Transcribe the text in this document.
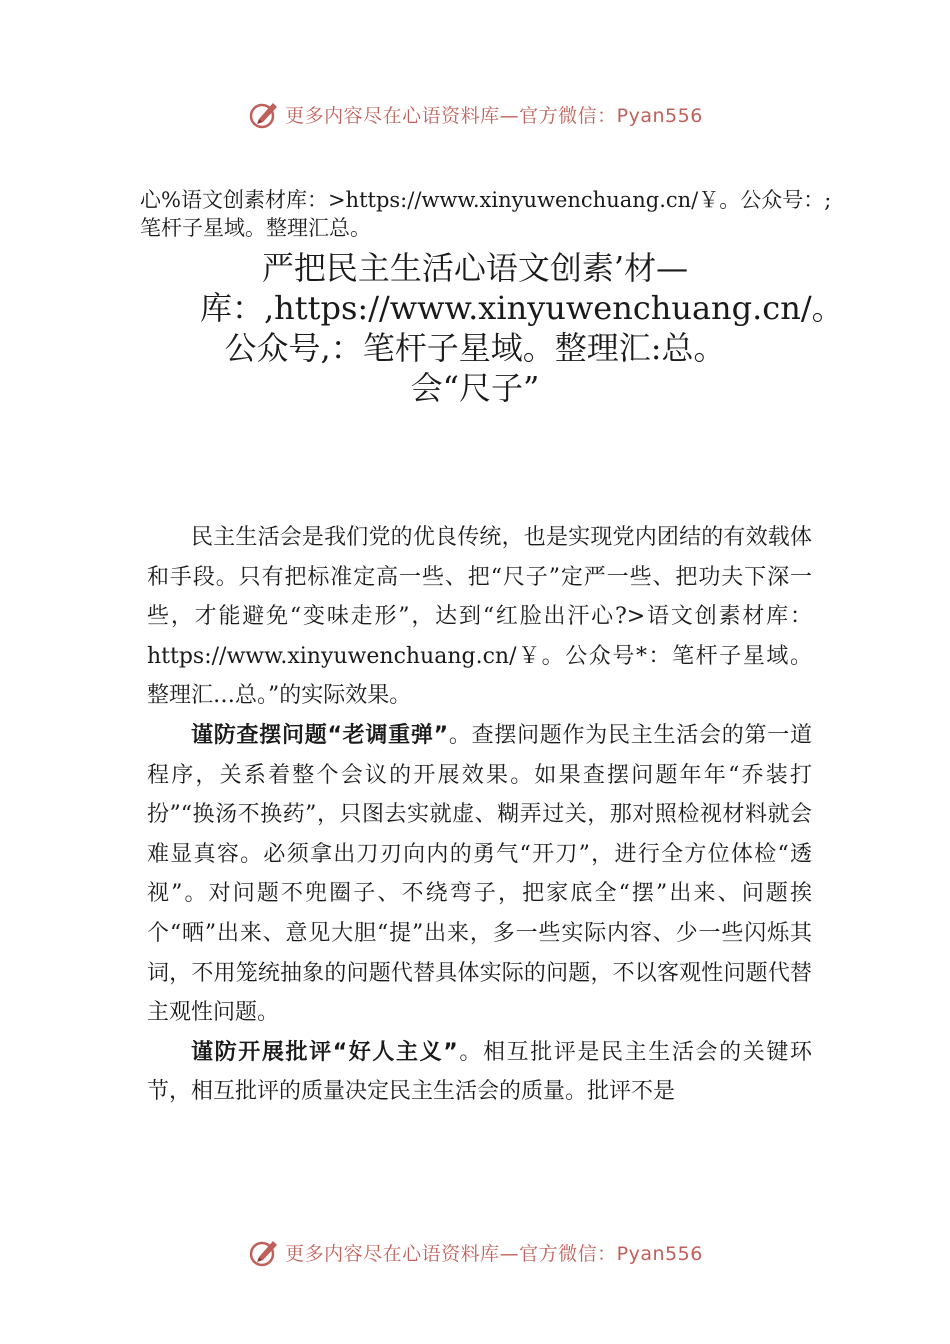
更多内容尽在心语资料库—官方微信：Pyan556

心%语文创素材库：>https://www.xinyuwenchuang.cn/￥。公众号：;笔杆子星域。整理汇总。

严把民主生活心语文创素’材—库：,https://www.xinyuwenchuang.cn/。公众号,：笔杆子星域。整理汇:总。会“尺子”

民主生活会是我们党的优良传统，也是实现党内团结的有效载体和手段。只有把标准定高一些、把“尺子”定严一些、把功夫下深一些，才能避免“变味走形”，达到“红脸出汗心?>语文创素材库：https://www.xinyuwenchuang.cn/￥。公众号*：笔杆子星域。整理汇…总。”的实际效果。

谨防查摆问题“老调重弹”。查摆问题作为民主生活会的第一道程序，关系着整个会议的开展效果。如果查摆问题年年“乔装打扮”“换汤不换药”，只图去实就虚、糊弄过关，那对照检视材料就会难显真容。必须拿出刀刃向内的勇气“开刀”，进行全方位体检“透视”。对问题不兜圈子、不绕弯子，把家底全“摆”出来、问题挨个“晒”出来、意见大胆“提”出来，多一些实际内容、少一些闪烁其词，不用笼统抽象的问题代替具体实际的问题，不以客观性问题代替主观性问题。

谨防开展批评“好人主义”。相互批评是民主生活会的关键环节，相互批评的质量决定民主生活会的质量。批评不是

更多内容尽在心语资料库—官方微信：Pyan556
